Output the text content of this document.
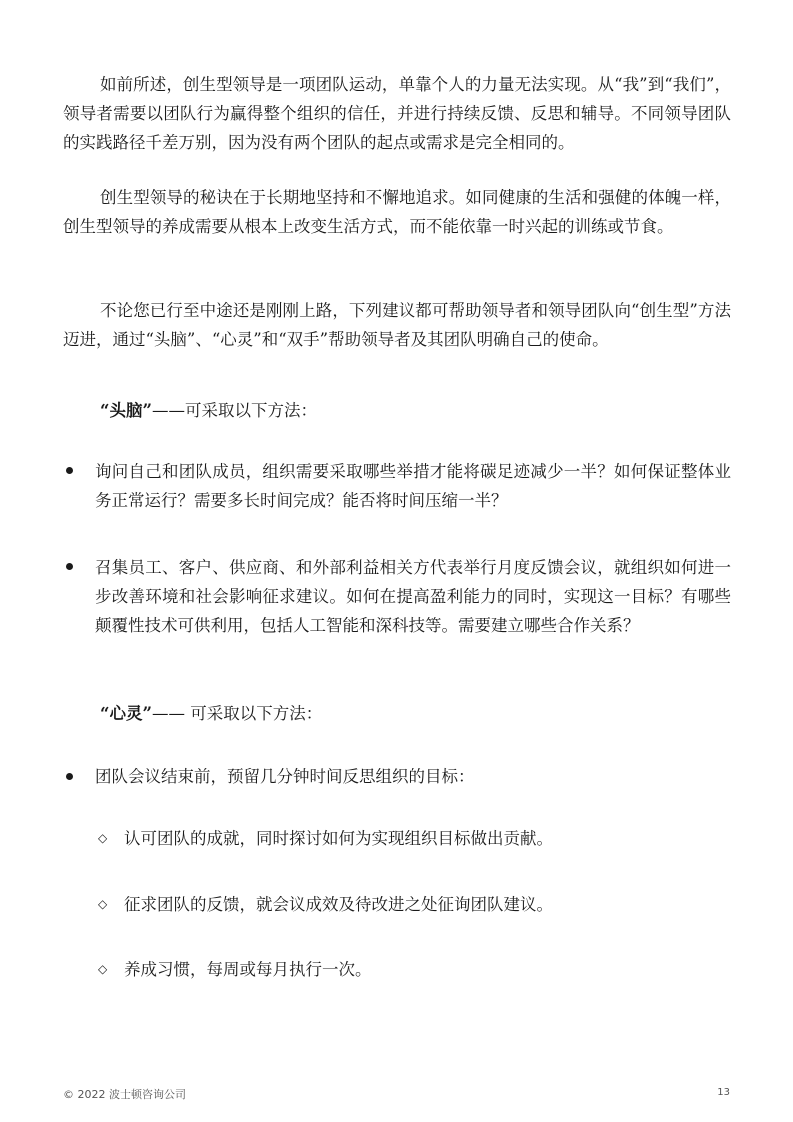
如前所述，创生型领导是一项团队运动，单靠个人的力量无法实现。从“我”到“我们”，领导者需要以团队行为赢得整个组织的信任，并进行持续反馈、反思和辅导。不同领导团队的实践路径千差万别，因为没有两个团队的起点或需求是完全相同的。

创生型领导的秘诀在于长期地坚持和不懈地追求。如同健康的生活和强健的体魄一样，创生型领导的养成需要从根本上改变生活方式，而不能依靠一时兴起的训练或节食。

不论您已行至中途还是刚刚上路，下列建议都可帮助领导者和领导团队向“创生型”方法迈进，通过“头脑”、“心灵”和“双手”帮助领导者及其团队明确自己的使命。

“头脑”——可采取以下方法：

询问自己和团队成员，组织需要采取哪些举措才能将碳足迹减少一半？如何保证整体业务正常运行？需要多长时间完成？能否将时间压缩一半？

召集员工、客户、供应商、和外部利益相关方代表举行月度反馈会议，就组织如何进一步改善环境和社会影响征求建议。如何在提高盈利能力的同时，实现这一目标？有哪些颠覆性技术可供利用，包括人工智能和深科技等。需要建立哪些合作关系？

“心灵”—— 可采取以下方法：

团队会议结束前，预留几分钟时间反思组织的目标：

◇ 认可团队的成就，同时探讨如何为实现组织目标做出贡献。

◇ 征求团队的反馈，就会议成效及待改进之处征询团队建议。

◇ 养成习惯，每周或每月执行一次。

© 2022 波士顿咨询公司	13
